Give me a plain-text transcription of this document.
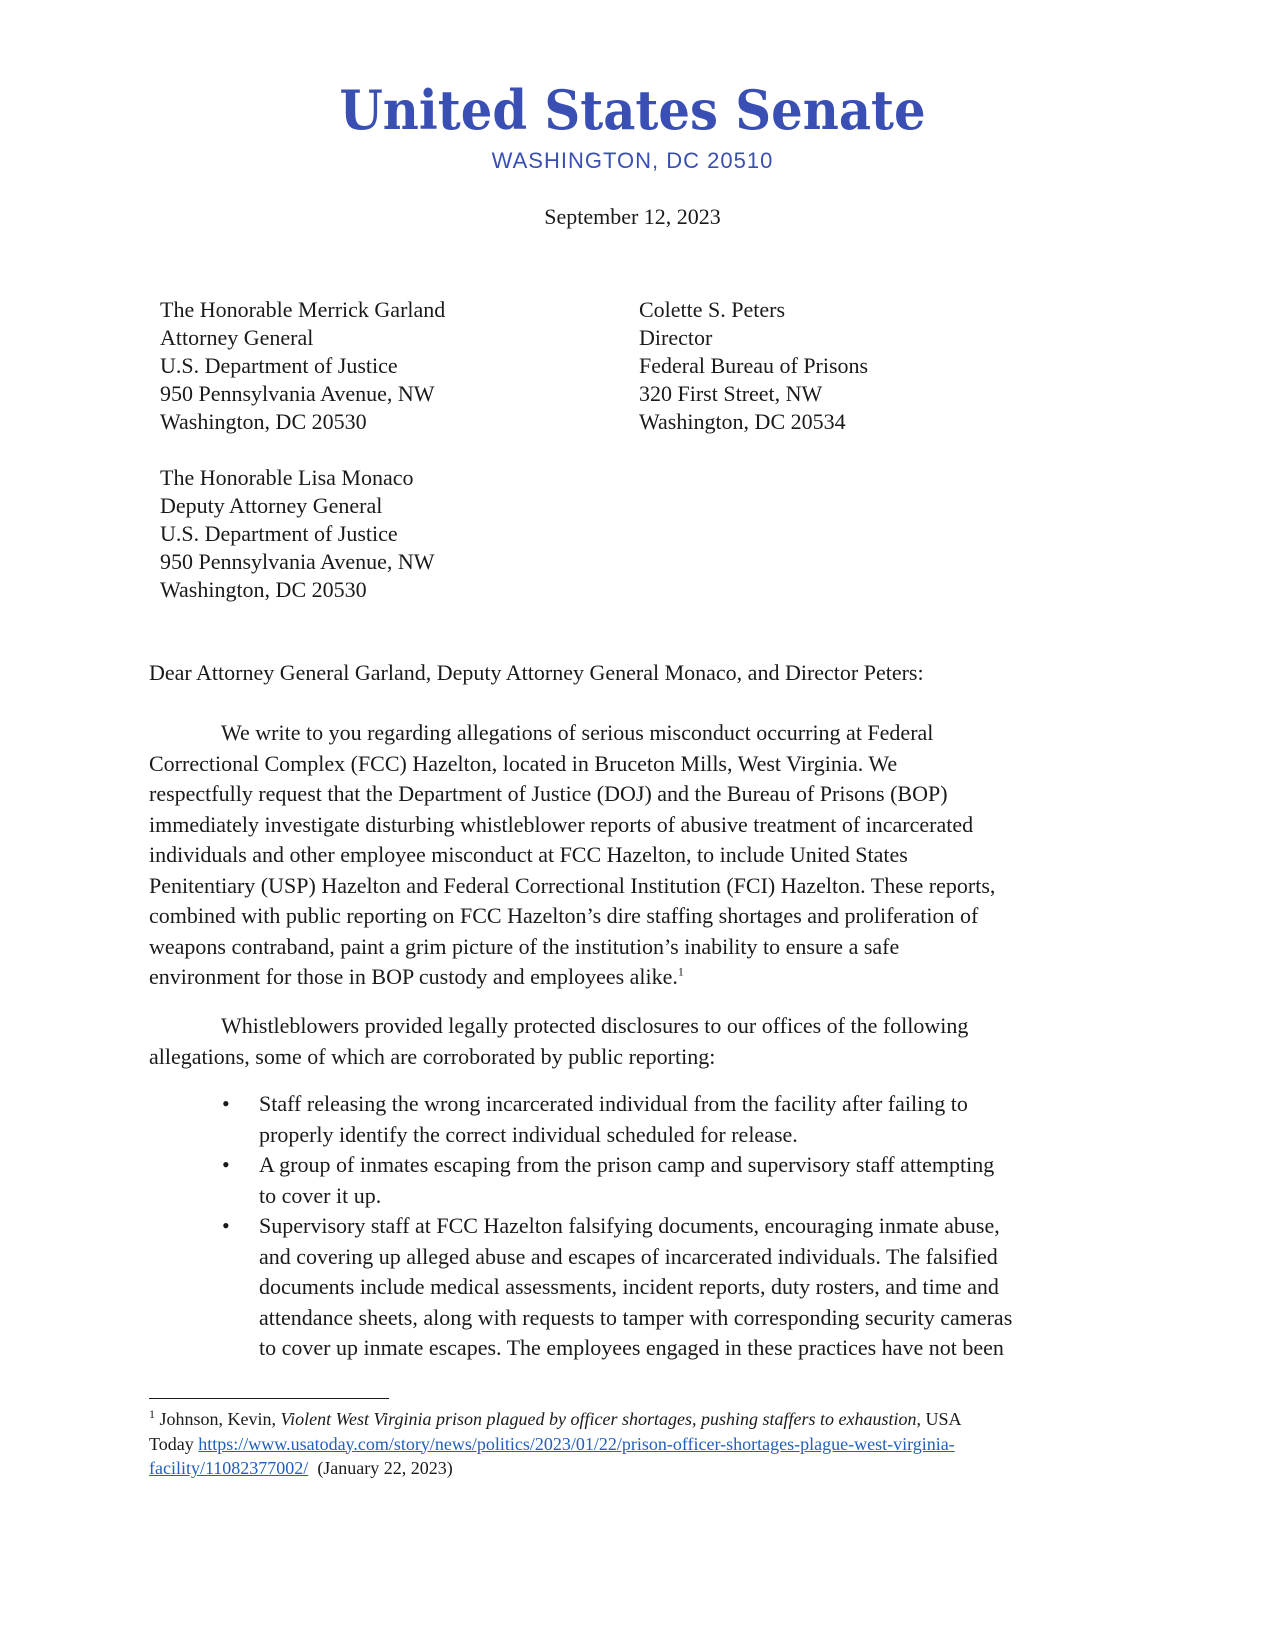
United States Senate
WASHINGTON, DC 20510
September 12, 2023
The Honorable Merrick Garland
Attorney General
U.S. Department of Justice
950 Pennsylvania Avenue, NW
Washington, DC 20530
Colette S. Peters
Director
Federal Bureau of Prisons
320 First Street, NW
Washington, DC 20534
The Honorable Lisa Monaco
Deputy Attorney General
U.S. Department of Justice
950 Pennsylvania Avenue, NW
Washington, DC 20530
Dear Attorney General Garland, Deputy Attorney General Monaco, and Director Peters:
We write to you regarding allegations of serious misconduct occurring at Federal
Correctional Complex (FCC) Hazelton, located in Bruceton Mills, West Virginia. We
respectfully request that the Department of Justice (DOJ) and the Bureau of Prisons (BOP)
immediately investigate disturbing whistleblower reports of abusive treatment of incarcerated
individuals and other employee misconduct at FCC Hazelton, to include United States
Penitentiary (USP) Hazelton and Federal Correctional Institution (FCI) Hazelton. These reports,
combined with public reporting on FCC Hazelton’s dire staffing shortages and proliferation of
weapons contraband, paint a grim picture of the institution’s inability to ensure a safe
environment for those in BOP custody and employees alike.$^1$
Whistleblowers provided legally protected disclosures to our offices of the following
allegations, some of which are corroborated by public reporting:
• Staff releasing the wrong incarcerated individual from the facility after failing to
properly identify the correct individual scheduled for release.
• A group of inmates escaping from the prison camp and supervisory staff attempting
to cover it up.
• Supervisory staff at FCC Hazelton falsifying documents, encouraging inmate abuse,
and covering up alleged abuse and escapes of incarcerated individuals. The falsified
documents include medical assessments, incident reports, duty rosters, and time and
attendance sheets, along with requests to tamper with corresponding security cameras
to cover up inmate escapes. The employees engaged in these practices have not been
$^1$ Johnson, Kevin, Violent West Virginia prison plagued by officer shortages, pushing staffers to exhaustion, USA
Today https://www.usatoday.com/story/news/politics/2023/01/22/prison-officer-shortages-plague-west-virginia-
facility/11082377002/ (January 22, 2023)
